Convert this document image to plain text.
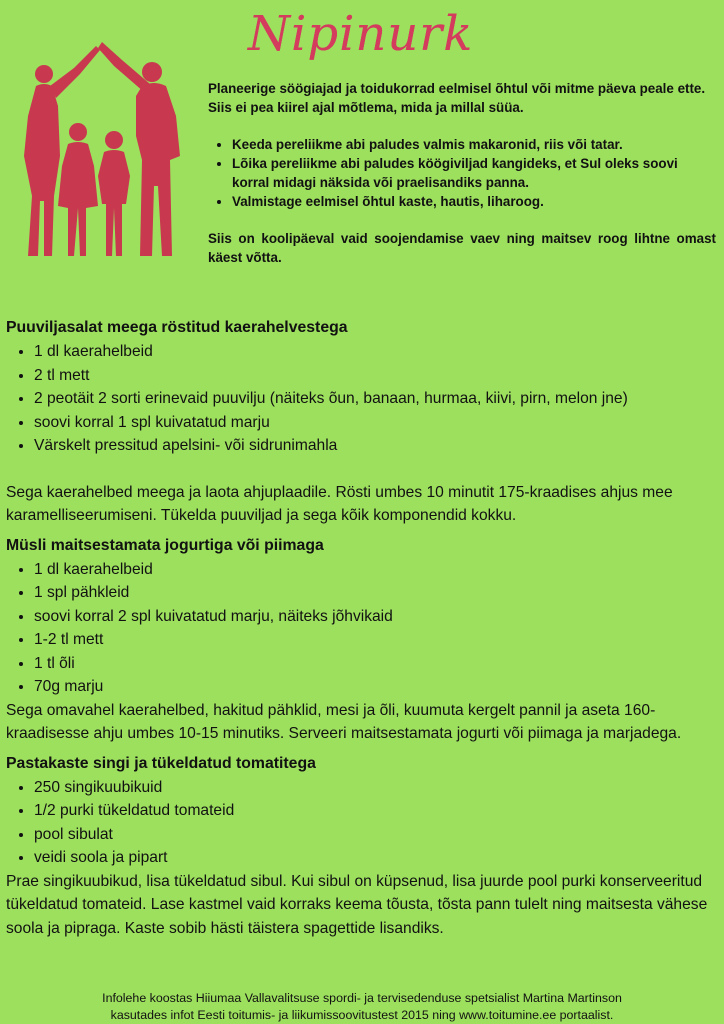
Nipinurk

Planeerige söögiajad ja toidukorrad eelmisel õhtul või mitme päeva peale ette. Siis ei pea kiirel ajal mõtlema, mida ja millal süüa.

• Keeda pereliikme abi paludes valmis makaronid, riis või tatar.
• Lõika pereliikme abi paludes köögiviljad kangideks, et Sul oleks soovi korral midagi näksida või praelisandiks panna.
• Valmistage eelmisel õhtul kaste, hautis, liharoog.

Siis on koolipäeval vaid soojendamise vaev ning maitsev roog lihtne omast käest võtta.

Puuviljasalat meega röstitud kaerahelvestega
• 1 dl kaerahelbeid
• 2 tl mett
• 2 peotäit 2 sorti erinevaid puuvilju (näiteks õun, banaan, hurmaa, kiivi, pirn, melon jne)
• soovi korral 1 spl kuivatatud marju
• Värskelt pressitud apelsini- või sidrunimahla

Sega kaerahelbed meega ja laota ahjuplaadile. Rösti umbes 10 minutit 175-kraadises ahjus mee karamelliseerumiseni. Tükelda puuviljad ja sega kõik komponendid kokku.

Müsli maitsestamata jogurtiga või piimaga
• 1 dl kaerahelbeid
• 1 spl pähkleid
• soovi korral 2 spl kuivatatud marju, näiteks jõhvikaid
• 1-2 tl mett
• 1 tl õli
• 70g marju

Sega omavahel kaerahelbed, hakitud pähklid, mesi ja õli, kuumuta kergelt pannil ja aseta 160-kraadisesse ahju umbes 10-15 minutiks. Serveeri maitsestamata jogurti või piimaga ja marjadega.

Pastakaste singi ja tükeldatud tomatitega
• 250 singikuubikuid
• 1/2 purki tükeldatud tomateid
• pool sibulat
• veidi soola ja pipart

Prae singikuubikud, lisa tükeldatud sibul. Kui sibul on küpsenud, lisa juurde pool purki konserveeritud tükeldatud tomateid. Lase kastmel vaid korraks keema tõusta, tõsta pann tulelt ning maitsesta vähese soola ja pipraga. Kaste sobib hästi täistera spagettide lisandiks.

Infolehe koostas Hiiumaa Vallavalitsuse spordi- ja tervisedenduse spetsialist Martina Martinson
kasutades infot Eesti toitumis- ja liikumissoovitustest 2015 ning www.toitumine.ee portaalist.
